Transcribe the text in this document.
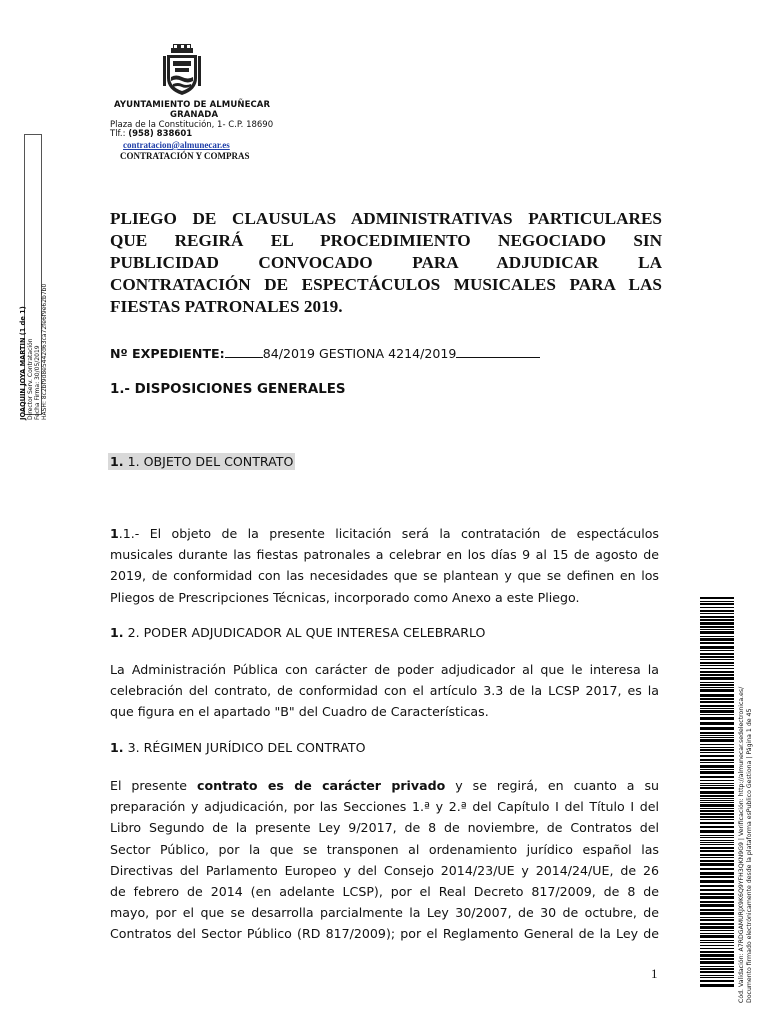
AYUNTAMIENTO DE ALMUÑECAR
GRANADA
Plaza de la Constitución, 1- C.P. 18690
Tlf.: (958) 838601
contratacion@almunecar.es
CONTRATACIÓN Y COMPRAS
JOAQUIN JOYA MARTIN (1 de 1) Director Serv. Contratación Fecha Firma: 30/05/2019 HASH: 8c2bf9d8e5442d63ca72fe6f9e62b7b0
PLIEGO DE CLAUSULAS ADMINISTRATIVAS PARTICULARES
QUE REGIRÁ EL PROCEDIMIENTO NEGOCIADO SIN
PUBLICIDAD CONVOCADO PARA ADJUDICAR LA
CONTRATACIÓN DE ESPECTÁCULOS MUSICALES PARA LAS
FIESTAS PATRONALES 2019.
Nº EXPEDIENTE:	84/2019 GESTIONA 4214/2019
1.- DISPOSICIONES GENERALES
1. 1. OBJETO DEL CONTRATO
1.1.- El objeto de la presente licitación será la contratación de espectáculos
musicales durante las fiestas patronales a celebrar en los días 9 al 15 de agosto de
2019, de conformidad con las necesidades que se plantean y que se definen en los
Pliegos de Prescripciones Técnicas, incorporado como Anexo a este Pliego.
1. 2. PODER ADJUDICADOR AL QUE INTERESA CELEBRARLO
La Administración Pública con carácter de poder adjudicador al que le interesa la
celebración del contrato, de conformidad con el artículo 3.3 de la LCSP 2017, es la
que figura en el apartado "B" del Cuadro de Características.
1. 3. RÉGIMEN JURÍDICO DEL CONTRATO
El presente contrato es de carácter privado y se regirá, en cuanto a su
preparación y adjudicación, por las Secciones 1.ª y 2.ª del Capítulo I del Título I del
Libro Segundo de la presente Ley 9/2017, de 8 de noviembre, de Contratos del
Sector Público, por la que se transponen al ordenamiento jurídico español las
Directivas del Parlamento Europeo y del Consejo 2014/23/UE y 2014/24/UE, de 26
de febrero de 2014 (en adelante LCSP), por el Real Decreto 817/2009, de 8 de
mayo, por el que se desarrolla parcialmente la Ley 30/2007, de 30 de octubre, de
Contratos del Sector Público (RD 817/2009); por el Reglamento General de la Ley de	Cód. Validación: A7RDGAMURJX9K6Q9YFH3QKN9G9 | Verificación: http://almunecar.sedelectronica.es/ Documento firmado electrónicamente desde la plataforma esPublico Gestiona | Página 1 de 45
1
